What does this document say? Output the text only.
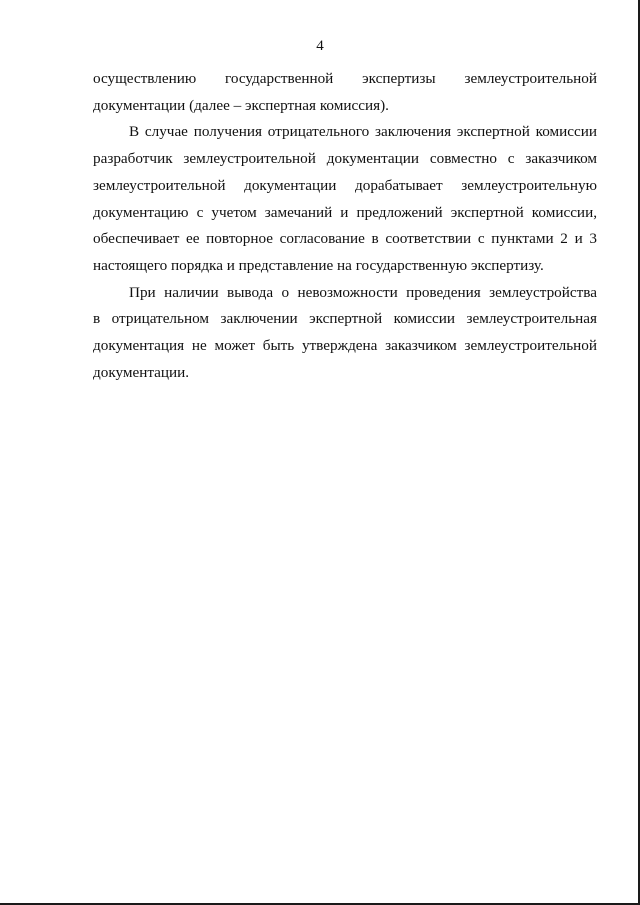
4

осуществлению государственной экспертизы землеустроительной
документации (далее – экспертная комиссия).

В случае получения отрицательного заключения экспертной комиссии
разработчик землеустроительной документации совместно с заказчиком
землеустроительной документации дорабатывает землеустроительную
документацию с учетом замечаний и предложений экспертной комиссии,
обеспечивает ее повторное согласование в соответствии с пунктами 2 и 3
настоящего порядка и представление на государственную экспертизу.

При наличии вывода о невозможности проведения землеустройства
в отрицательном заключении экспертной комиссии землеустроительная
документация не может быть утверждена заказчиком землеустроительной
документации.
